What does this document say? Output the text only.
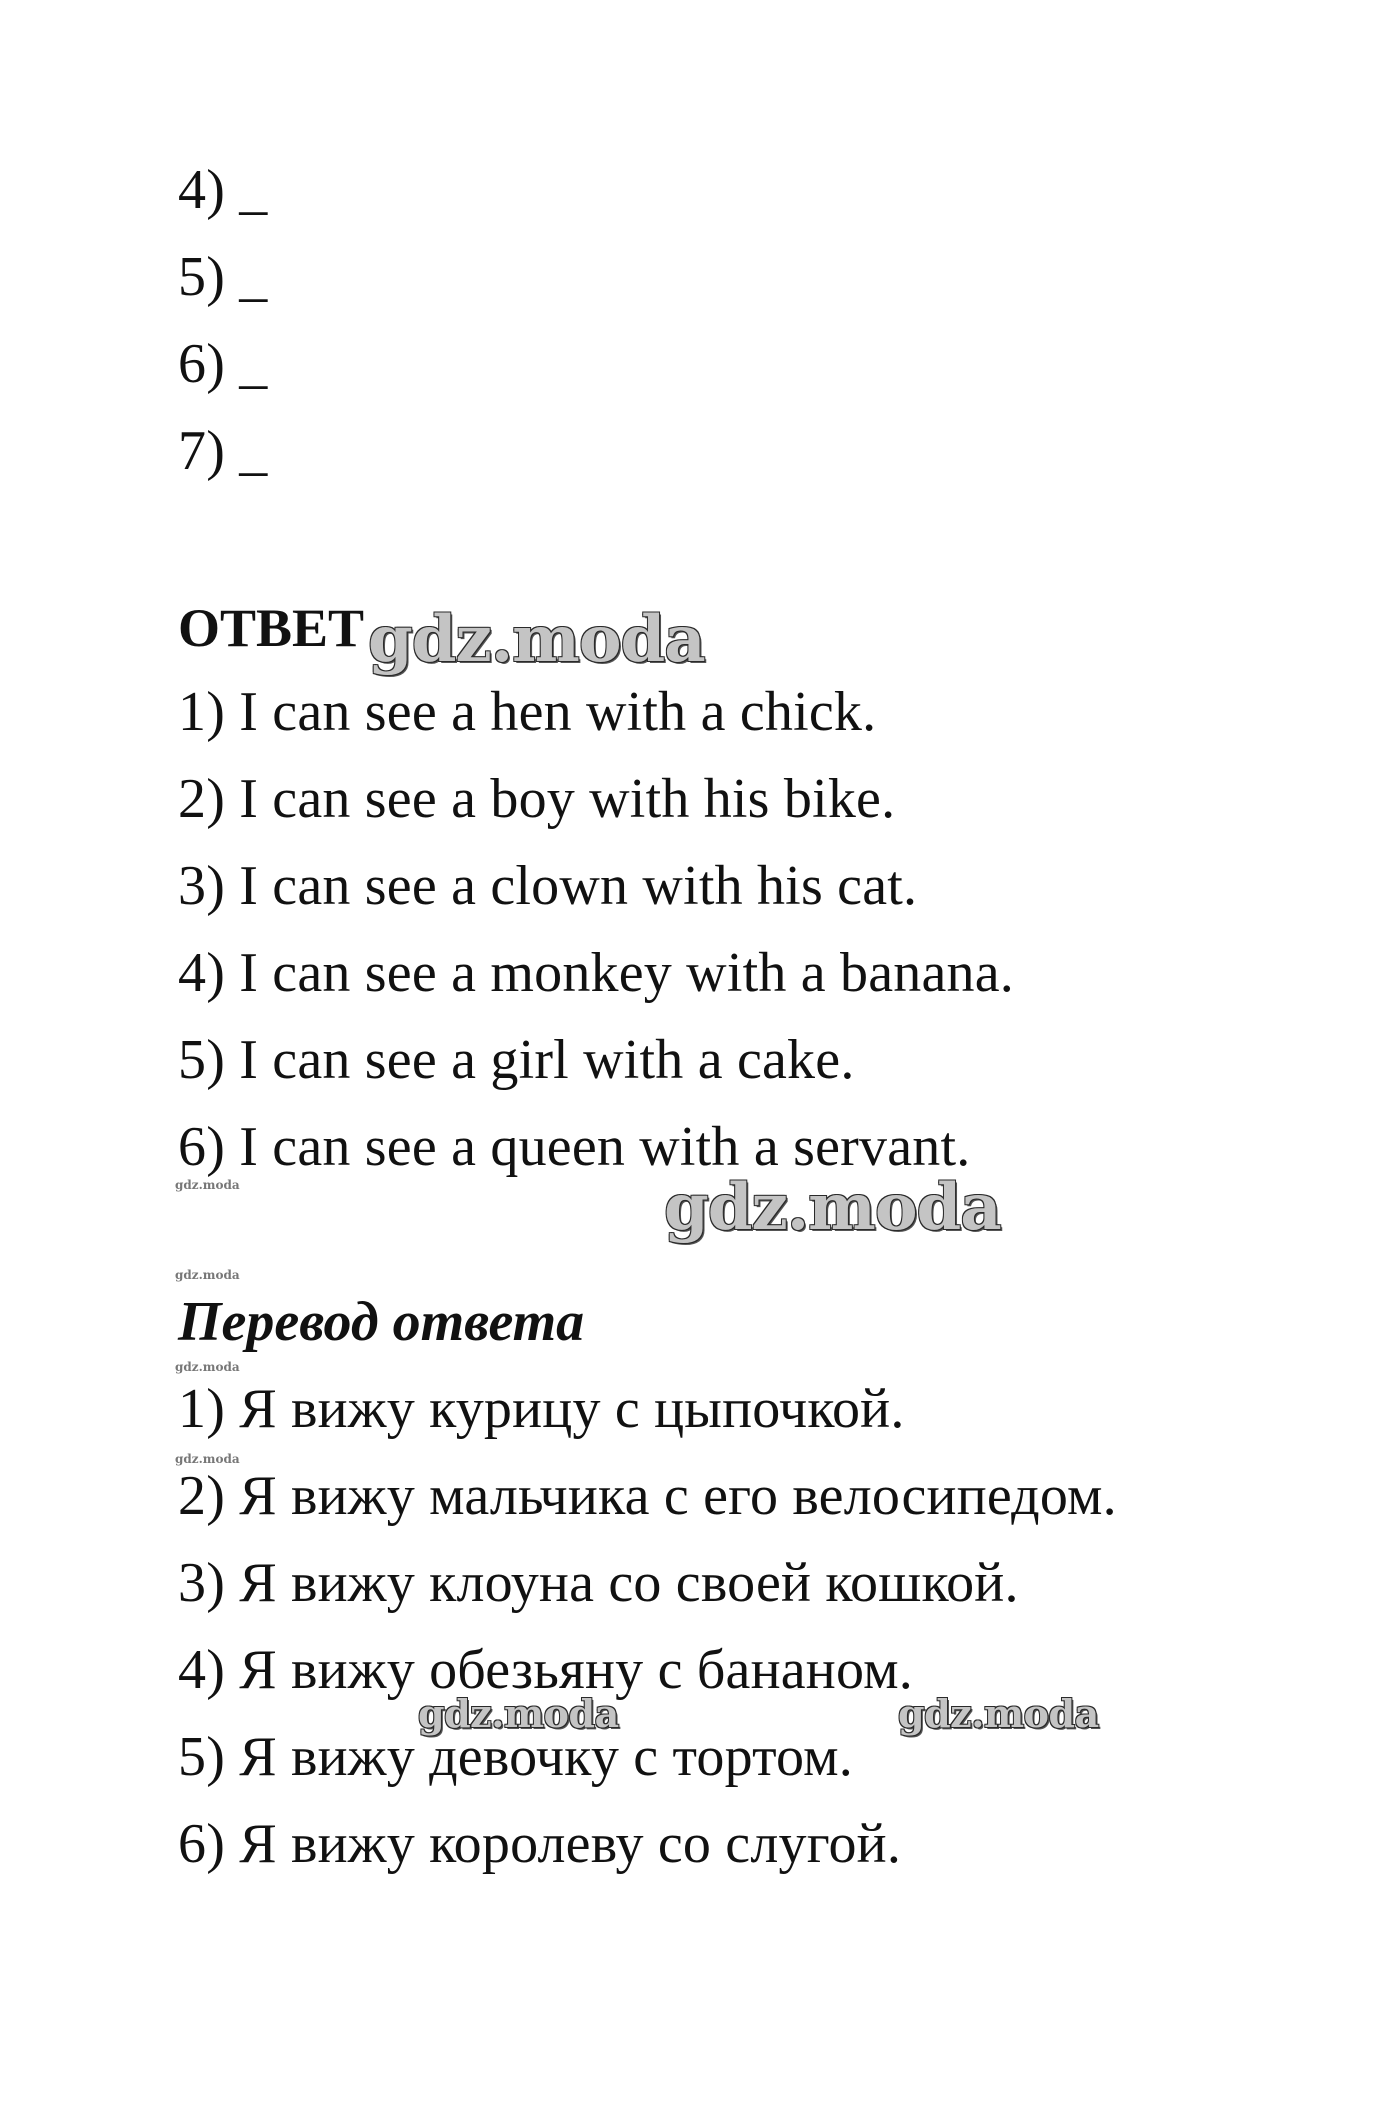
4) _
5) _
6) _
7) _
ОТВЕТ gdz.moda
1) I can see a hen with a chick.
2) I can see a boy with his bike.
3) I can see a clown with his cat.
4) I can see a monkey with a banana.
5) I can see a girl with a cake.
6) I can see a queen with a servant.
gdz.moda	gdz.moda
gdz.moda
Перевод ответа
gdz.moda
1) Я вижу курицу с цыпочкой.
gdz.moda
2) Я вижу мальчика с его велосипедом.
3) Я вижу клоуна со своей кошкой.
4) Я вижу обезьяну с бананом.
gdz.moda	gdz.moda
5) Я вижу девочку с тортом.
6) Я вижу королеву со слугой.
